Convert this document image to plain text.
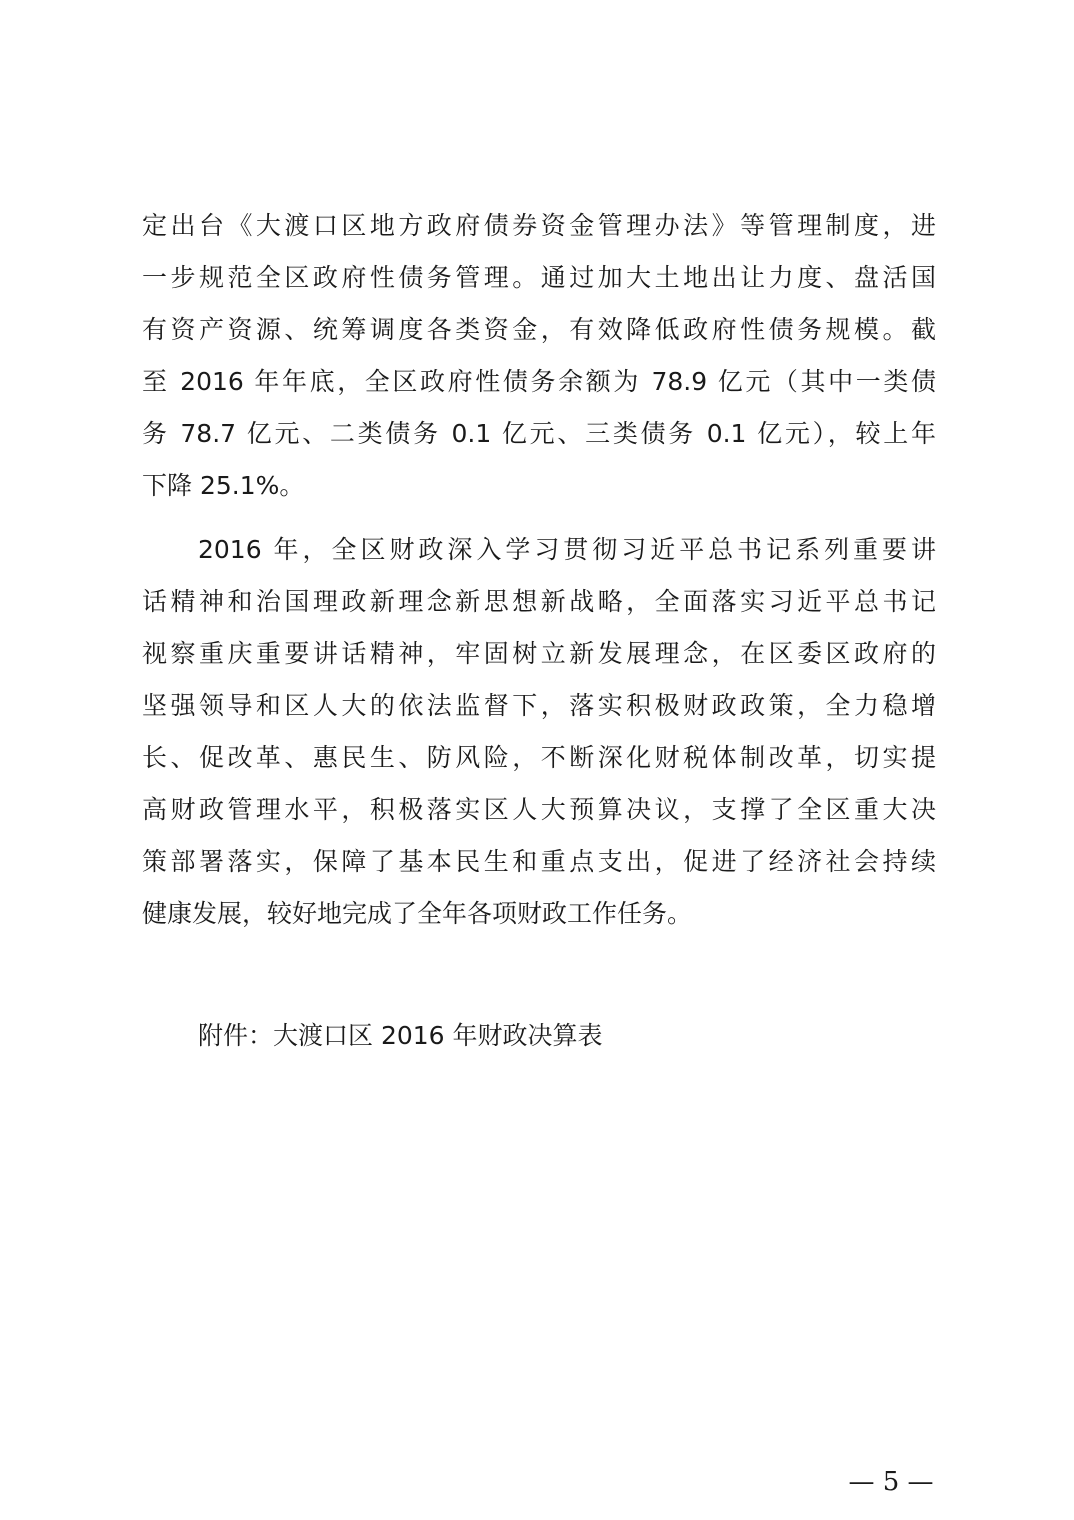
定出台《大渡口区地方政府债券资金管理办法》等管理制度，进
一步规范全区政府性债务管理。通过加大土地出让力度、盘活国
有资产资源、统筹调度各类资金，有效降低政府性债务规模。截
至 2016 年年底，全区政府性债务余额为 78.9 亿元（其中一类债
务 78.7 亿元、二类债务 0.1 亿元、三类债务 0.1 亿元），较上年
下降 25.1%。
2016 年，全区财政深入学习贯彻习近平总书记系列重要讲
话精神和治国理政新理念新思想新战略，全面落实习近平总书记
视察重庆重要讲话精神，牢固树立新发展理念，在区委区政府的
坚强领导和区人大的依法监督下，落实积极财政政策，全力稳增
长、促改革、惠民生、防风险，不断深化财税体制改革，切实提
高财政管理水平，积极落实区人大预算决议，支撑了全区重大决
策部署落实，保障了基本民生和重点支出，促进了经济社会持续
健康发展，较好地完成了全年各项财政工作任务。
附件：大渡口区 2016 年财政决算表
— 5 —
